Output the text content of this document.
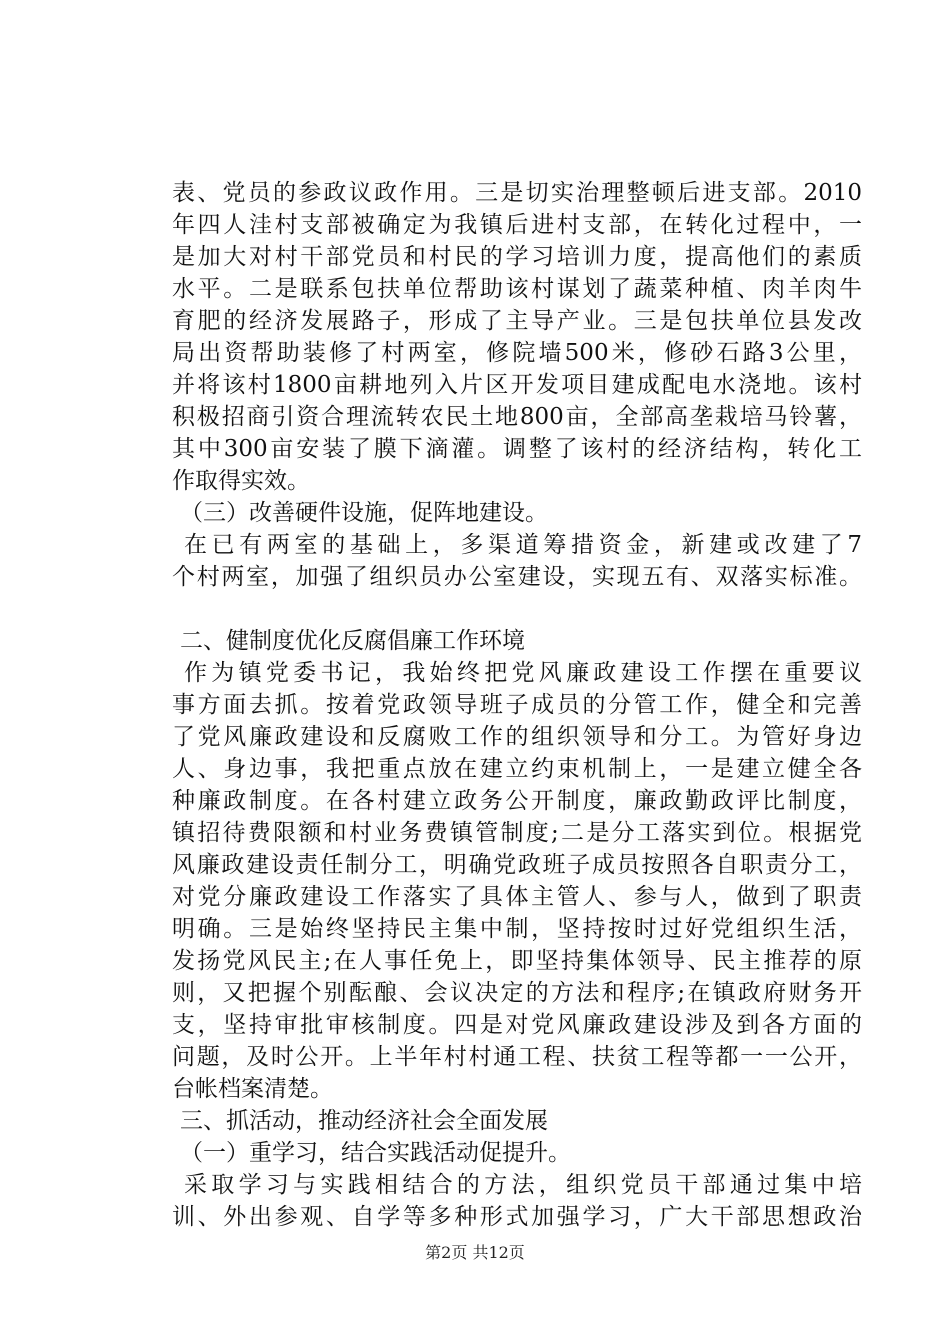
表、党员的参政议政作用。三是切实治理整顿后进支部。2010
年四人洼村支部被确定为我镇后进村支部，在转化过程中，一
是加大对村干部党员和村民的学习培训力度，提高他们的素质
水平。二是联系包扶单位帮助该村谋划了蔬菜种植、肉羊肉牛
育肥的经济发展路子，形成了主导产业。三是包扶单位县发改
局出资帮助装修了村两室，修院墙500米，修砂石路3公里，
并将该村1800亩耕地列入片区开发项目建成配电水浇地。该村
积极招商引资合理流转农民土地800亩，全部高垄栽培马铃薯，
其中300亩安装了膜下滴灌。调整了该村的经济结构，转化工
作取得实效。
（三）改善硬件设施，促阵地建设。
在已有两室的基础上，多渠道筹措资金，新建或改建了7
个村两室，加强了组织员办公室建设，实现五有、双落实标准。
二、健制度优化反腐倡廉工作环境
作为镇党委书记，我始终把党风廉政建设工作摆在重要议
事方面去抓。按着党政领导班子成员的分管工作，健全和完善
了党风廉政建设和反腐败工作的组织领导和分工。为管好身边
人、身边事，我把重点放在建立约束机制上，一是建立健全各
种廉政制度。在各村建立政务公开制度，廉政勤政评比制度，
镇招待费限额和村业务费镇管制度;二是分工落实到位。根据党
风廉政建设责任制分工，明确党政班子成员按照各自职责分工，
对党分廉政建设工作落实了具体主管人、参与人，做到了职责
明确。三是始终坚持民主集中制，坚持按时过好党组织生活，
发扬党风民主;在人事任免上，即坚持集体领导、民主推荐的原
则，又把握个别酝酿、会议决定的方法和程序;在镇政府财务开
支，坚持审批审核制度。四是对党风廉政建设涉及到各方面的
问题，及时公开。上半年村村通工程、扶贫工程等都一一公开，
台帐档案清楚。
三、抓活动，推动经济社会全面发展
（一）重学习，结合实践活动促提升。
采取学习与实践相结合的方法，组织党员干部通过集中培
训、外出参观、自学等多种形式加强学习，广大干部思想政治
第2页 共12页
